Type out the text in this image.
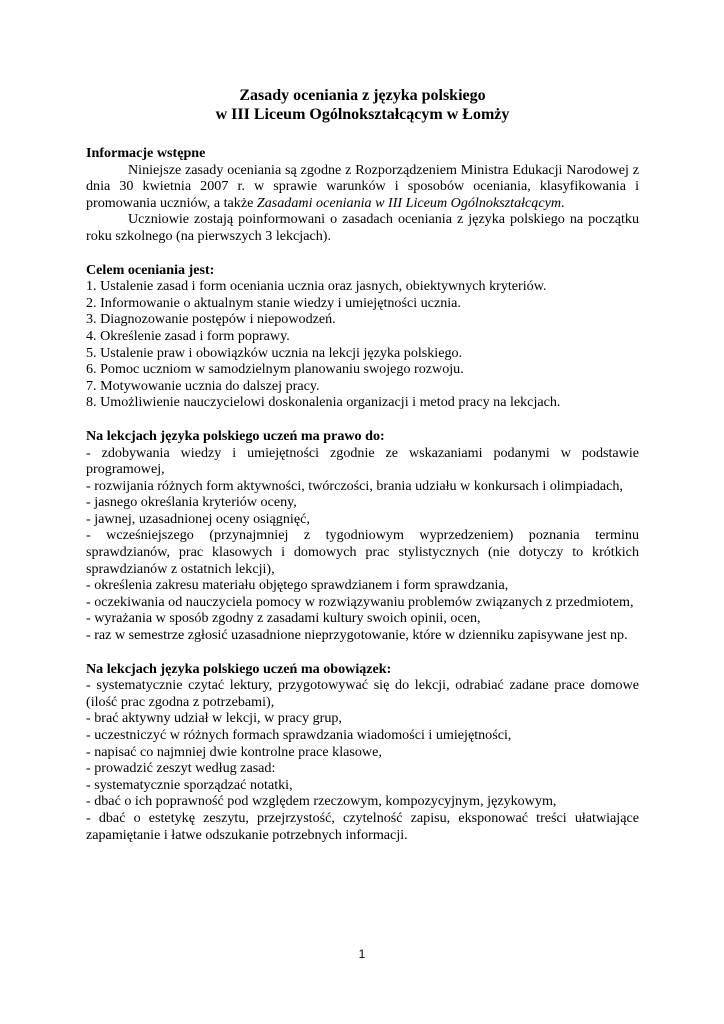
Zasady oceniania z języka polskiego

w III Liceum Ogólnokształcącym w Łomży

Informacje wstępne

Niniejsze zasady oceniania są zgodne z Rozporządzeniem Ministra Edukacji Narodowej z dnia 30 kwietnia 2007 r. w sprawie warunków i sposobów oceniania, klasyfikowania i promowania uczniów, a także Zasadami oceniania w III Liceum Ogólnokształcącym.

Uczniowie zostają poinformowani o zasadach oceniania z języka polskiego na początku roku szkolnego (na pierwszych 3 lekcjach).

Celem oceniania jest:

1. Ustalenie zasad i form oceniania ucznia oraz jasnych, obiektywnych kryteriów.

2. Informowanie o aktualnym stanie wiedzy i umiejętności ucznia.

3. Diagnozowanie postępów i niepowodzeń.

4. Określenie zasad i form poprawy.

5. Ustalenie praw i obowiązków ucznia na lekcji języka polskiego.

6. Pomoc uczniom w samodzielnym planowaniu swojego rozwoju.

7. Motywowanie ucznia do dalszej pracy.

8. Umożliwienie nauczycielowi doskonalenia organizacji i metod pracy na lekcjach.

Na lekcjach języka polskiego uczeń ma prawo do:

- zdobywania wiedzy i umiejętności zgodnie ze wskazaniami podanymi w podstawie programowej,

- rozwijania różnych form aktywności, twórczości, brania udziału w konkursach i olimpiadach,

- jasnego określania kryteriów oceny,

- jawnej, uzasadnionej oceny osiągnięć,

- wcześniejszego (przynajmniej z tygodniowym wyprzedzeniem) poznania terminu sprawdzianów, prac klasowych i domowych prac stylistycznych (nie dotyczy to krótkich sprawdzianów z ostatnich lekcji),

- określenia zakresu materiału objętego sprawdzianem i form sprawdzania,

- oczekiwania od nauczyciela pomocy w rozwiązywaniu problemów związanych z przedmiotem,

- wyrażania w sposób zgodny z zasadami kultury swoich opinii, ocen,

- raz w semestrze zgłosić uzasadnione nieprzygotowanie, które w dzienniku zapisywane jest np.

Na lekcjach języka polskiego uczeń ma obowiązek:

- systematycznie czytać lektury, przygotowywać się do lekcji, odrabiać zadane prace domowe (ilość prac zgodna z potrzebami),

- brać aktywny udział w lekcji, w pracy grup,

- uczestniczyć w różnych formach sprawdzania wiadomości i umiejętności,

- napisać co najmniej dwie kontrolne prace klasowe,

- prowadzić zeszyt według zasad:

- systematycznie sporządzać notatki,

- dbać o ich poprawność pod względem rzeczowym, kompozycyjnym, językowym,

- dbać o estetykę zeszytu, przejrzystość, czytelność zapisu, eksponować treści ułatwiające zapamiętanie i łatwe odszukanie potrzebnych informacji.

1
